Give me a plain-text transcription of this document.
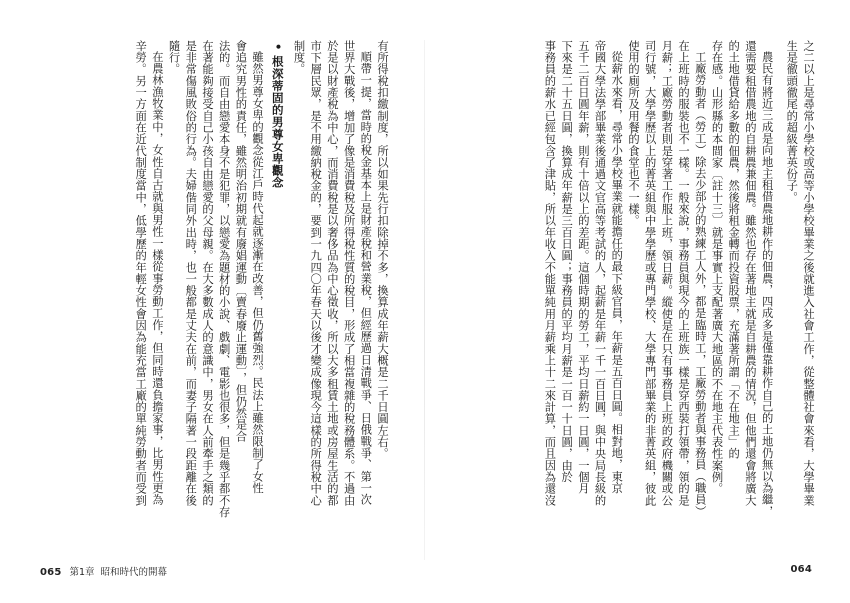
之二以上是尋常小學校或高等小學校畢業之後就進入社會工作，從整體社會來看，大學畢業
生是徹頭徹尾的超級菁英份子。
農民有將近三成是向地主租借農地耕作的佃農，四成多是僅靠耕作自己的土地仍無以為繼，
還需要租借農地的自耕農兼佃農。雖然也存在著地主就是自耕農的情況，但他們還會將廣大
的土地借貸給多數的佃農，然後將租金轉而投資股票，充滿著所謂「不在地主」的
存在感。山形縣的本間家〔註十三〕就是事實上支配著廣大地區的不在地主代表性案例。
工廠勞動者（勞工）除去少部分的熟練工人外，都是臨時工，工廠勞動者與事務員（職員）
在上班時的服裝也不一樣。一般來說，事務員與現今的上班族一樣是穿西裝打領帶，領的是
月薪；工廠勞動者則是穿著工作服上班，領日薪。縱使是在只有事務員上班的政府機關或公
司行號，大學學歷以上的菁英組與中學學歷或專門學校、大學專門部畢業的非菁英組，彼此
使用的廁所及用餐的食堂也不一樣。
從薪水來看，尋常小學校畢業就能擔任的最下級官員，年薪是五百日圓。相對地，東京
帝國大學法學部畢業後通過文官高等考試的人，起薪是年薪一千一百日圓，與中央局長級的
五千二百日圓年薪，則有十倍以上的差距。這個時期的勞工，平均日薪約一日圓，一個月
下來是二十五日圓，換算成年薪是三百日圓；事務員的平均月薪是一百一十日圓，由於
事務員的薪水已經包含了津貼，所以年收入不能單純用月薪乘上十二來計算，而且因為還沒
有所得稅扣繳制度，所以如果先行扣除掉不多，換算成年薪大概是二千日圓左右。
順帶一提，當時的稅金基本上是財產稅和營業稅，但經歷過日清戰爭、日俄戰爭、第一次
世界大戰後，增加了像是消費稅及所得稅性質的稅目，形成了相當複雜的稅務體系。不過由
於是以財產稅為中心，而消費稅是以奢侈品為中心徵收，所以大多租賃土地或房屋生活的都
市下層民眾，是不用繳納稅金的，要到一九四〇年春天以後才變成像現今這樣的所得稅中心
制度。
• 根深蒂固的男尊女卑觀念
雖然男尊女卑的觀念從江戶時代起就逐漸在改善，但仍舊強烈。民法上雖然限制了女性
會追究男性的責任，雖然明治初期就有廢娼運動〔賣春廢止運動〕，但仍然是合
法的。而自由戀愛本身不是犯罪，以戀愛為題材的小說、戲劇、電影也很多，但是幾乎都不存
在著能夠接受自己小孩自由戀愛的父母親。在大多數成人的意識中，男女在人前牽手之類的
是非常傷風敗俗的行為。夫婦偕同外出時，也一般都是丈夫在前，而妻子隔著一段距離在後
隨行。
在農林漁牧業中，女性自古就與男性一樣從事勞動工作，但同時還負擔家事，比男性更為
辛勞。另一方面在近代制度當中，低學歷的年輕女性會因為能充當工廠的單純勞動者而受到
065 第1章 昭和時代的開幕	064
